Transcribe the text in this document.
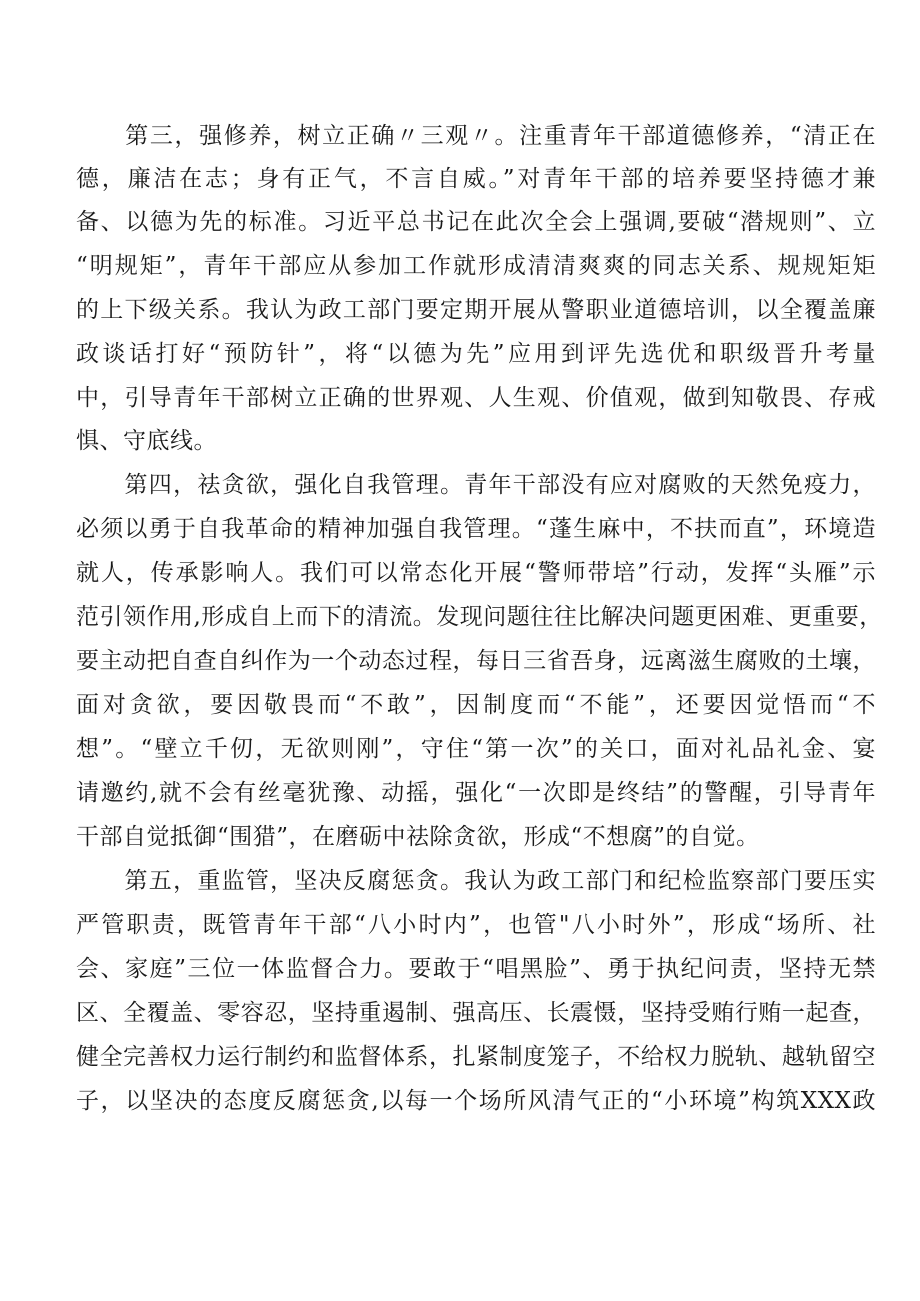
　　第三，强修养，树立正确〃三观〃。注重青年干部道德修养，“清正在
德，廉洁在志；身有正气，不言自威。”对青年干部的培养要坚持德才兼
备、以德为先的标准。习近平总书记在此次全会上强调,要破“潜规则”、立
“明规矩”，青年干部应从参加工作就形成清清爽爽的同志关系、规规矩矩
的上下级关系。我认为政工部门要定期开展从警职业道德培训，以全覆盖廉
政谈话打好“预防针”，将“以德为先”应用到评先选优和职级晋升考量
中，引导青年干部树立正确的世界观、人生观、价值观，做到知敬畏、存戒
惧、守底线。
　　第四，祛贪欲，强化自我管理。青年干部没有应对腐败的天然免疫力，
必须以勇于自我革命的精神加强自我管理。“蓬生麻中，不扶而直”，环境造
就人，传承影响人。我们可以常态化开展“警师带培”行动，发挥“头雁”示
范引领作用,形成自上而下的清流。发现问题往往比解决问题更困难、更重要，
要主动把自查自纠作为一个动态过程，每日三省吾身，远离滋生腐败的土壤，
面对贪欲，要因敬畏而“不敢”，因制度而“不能”，还要因觉悟而“不
想”。“壁立千仞，无欲则刚”，守住“第一次”的关口，面对礼品礼金、宴
请邀约,就不会有丝毫犹豫、动摇，强化“一次即是终结”的警醒，引导青年
干部自觉抵御“围猎”，在磨砺中祛除贪欲，形成“不想腐”的自觉。
　　第五，重监管，坚决反腐惩贪。我认为政工部门和纪检监察部门要压实
严管职责，既管青年干部“八小时内”，也管"八小时外”，形成“场所、社
会、家庭”三位一体监督合力。要敢于“唱黑脸”、勇于执纪问责，坚持无禁
区、全覆盖、零容忍，坚持重遏制、强高压、长震慑，坚持受贿行贿一起查，
健全完善权力运行制约和监督体系，扎紧制度笼子，不给权力脱轨、越轨留空
子，以坚决的态度反腐惩贪,以每一个场所风清气正的“小环境”构筑XXX政
